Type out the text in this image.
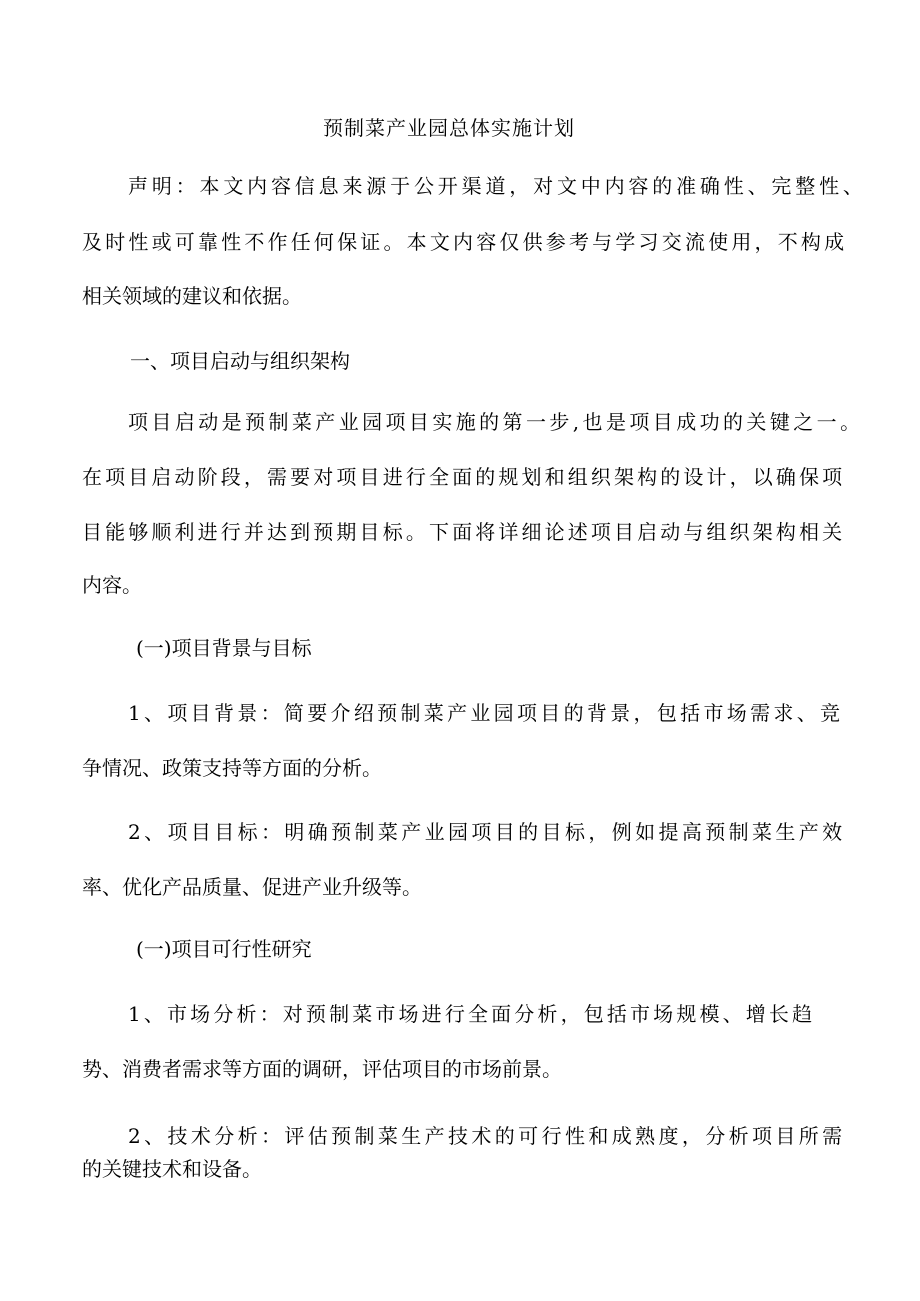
预制菜产业园总体实施计划

声明：本文内容信息来源于公开渠道，对文中内容的准确性、完整性、

及时性或可靠性不作任何保证。本文内容仅供参考与学习交流使用，不构成

相关领域的建议和依据。

一、项目启动与组织架构

项目启动是预制菜产业园项目实施的第一步,也是项目成功的关键之一。

在项目启动阶段，需要对项目进行全面的规划和组织架构的设计，以确保项

目能够顺利进行并达到预期目标。下面将详细论述项目启动与组织架构相关

内容。

(一)项目背景与目标

1、项目背景：简要介绍预制菜产业园项目的背景，包括市场需求、竞

争情况、政策支持等方面的分析。

2、项目目标：明确预制菜产业园项目的目标，例如提高预制菜生产效

率、优化产品质量、促进产业升级等。

(一)项目可行性研究

1、市场分析：对预制菜市场进行全面分析，包括市场规模、增长趋

势、消费者需求等方面的调研，评估项目的市场前景。

2、技术分析：评估预制菜生产技术的可行性和成熟度，分析项目所需

的关键技术和设备。
